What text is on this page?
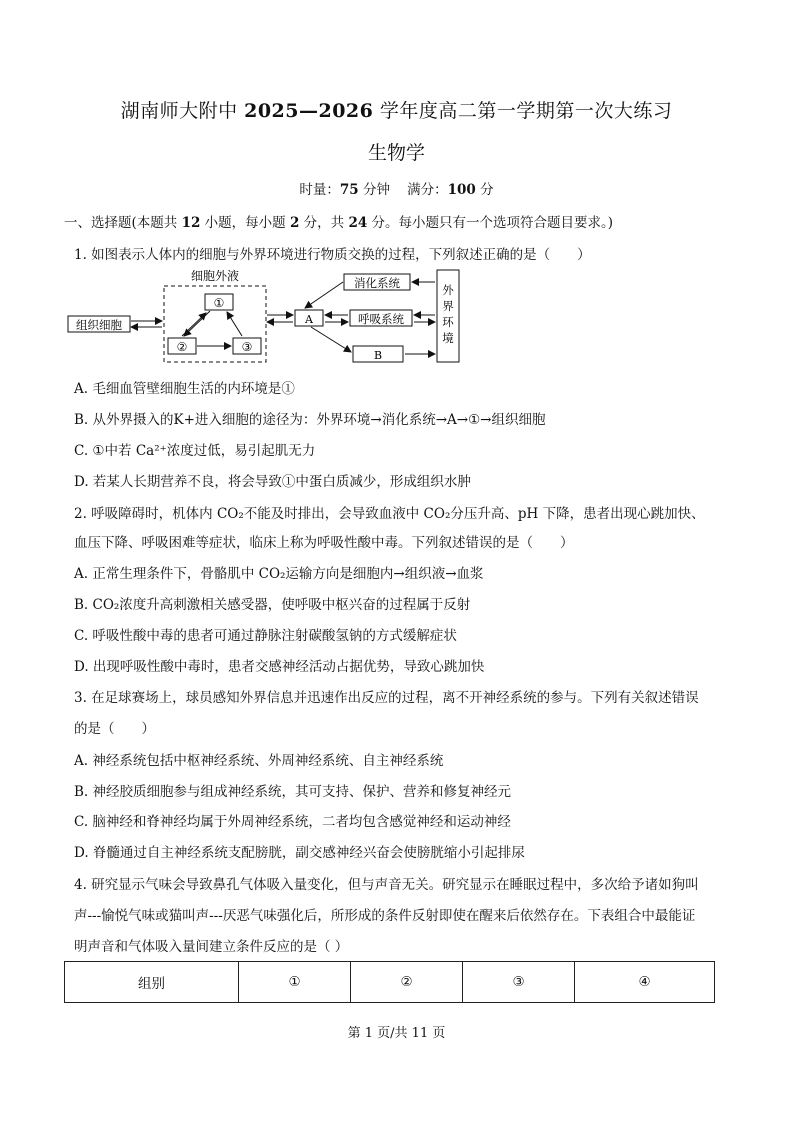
湖南师大附中 2025—2026 学年度高二第一学期第一次大练习
生物学
时量：75 分钟 满分：100 分
一、选择题(本题共 12 小题，每小题 2 分，共 24 分。每小题只有一个选项符合题目要求。)
1. 如图表示人体内的细胞与外界环境进行物质交换的过程，下列叙述正确的是（　　）
细胞外液
①
②	③
组织细胞	A
消化系统
呼吸系统
B
外
界
环
境
A. 毛细血管壁细胞生活的内环境是①
B. 从外界摄入的K+进入细胞的途径为：外界环境→消化系统→A→①→组织细胞
C. ①中若 Ca²⁺浓度过低，易引起肌无力
D. 若某人长期营养不良，将会导致①中蛋白质减少，形成组织水肿
2. 呼吸障碍时，机体内 CO₂不能及时排出，会导致血液中 CO₂分压升高、pH 下降，患者出现心跳加快、
血压下降、呼吸困难等症状，临床上称为呼吸性酸中毒。下列叙述错误的是（　　）
A. 正常生理条件下，骨骼肌中 CO₂运输方向是细胞内→组织液→血浆
B. CO₂浓度升高刺激相关感受器，使呼吸中枢兴奋的过程属于反射
C. 呼吸性酸中毒的患者可通过静脉注射碳酸氢钠的方式缓解症状
D. 出现呼吸性酸中毒时，患者交感神经活动占据优势，导致心跳加快
3. 在足球赛场上，球员感知外界信息并迅速作出反应的过程，离不开神经系统的参与。下列有关叙述错误
的是（　　）
A. 神经系统包括中枢神经系统、外周神经系统、自主神经系统
B. 神经胶质细胞参与组成神经系统，其可支持、保护、营养和修复神经元
C. 脑神经和脊神经均属于外周神经系统，二者均包含感觉神经和运动神经
D. 脊髓通过自主神经系统支配膀胱，副交感神经兴奋会使膀胱缩小引起排尿
4. 研究显示气味会导致鼻孔气体吸入量变化，但与声音无关。研究显示在睡眠过程中，多次给予诸如狗叫
声---愉悦气味或猫叫声---厌恶气味强化后，所形成的条件反射即使在醒来后依然存在。下表组合中最能证
明声音和气体吸入量间建立条件反应的是（ ）
组别	①	②	③	④
第 1 页/共 11 页
